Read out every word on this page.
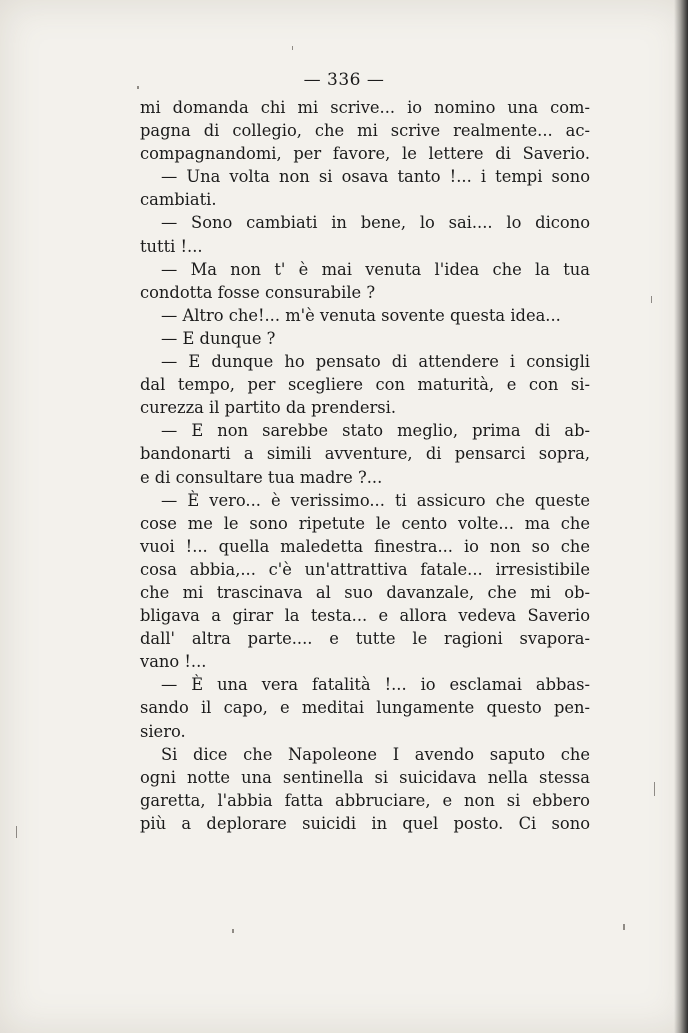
— 336 —
mi domanda chi mi scrive... io nomino una com-
pagna di collegio, che mi scrive realmente... ac-
compagnandomi, per favore, le lettere di Saverio.
— Una volta non si osava tanto !... i tempi sono
cambiati.
— Sono cambiati in bene, lo sai.... lo dicono
tutti !...
— Ma non t' è mai venuta l'idea che la tua
condotta fosse consurabile ?
— Altro che!... m'è venuta sovente questa idea...
— E dunque ?
— E dunque ho pensato di attendere i consigli
dal tempo, per scegliere con maturità, e con si-
curezza il partito da prendersi.
— E non sarebbe stato meglio, prima di ab-
bandonarti a simili avventure, di pensarci sopra,
e di consultare tua madre ?...
— È vero... è verissimo... ti assicuro che queste
cose me le sono ripetute le cento volte... ma che
vuoi !... quella maledetta finestra... io non so che
cosa abbia,... c'è un'attrattiva fatale... irresistibile
che mi trascinava al suo davanzale, che mi ob-
bligava a girar la testa... e allora vedeva Saverio
dall' altra parte.... e tutte le ragioni svapora-
vano !...
— È una vera fatalità !... io esclamai abbas-
sando il capo, e meditai lungamente questo pen-
siero.
Si dice che Napoleone I avendo saputo che
ogni notte una sentinella si suicidava nella stessa
garetta, l'abbia fatta abbruciare, e non si ebbero
più a deplorare suicidi in quel posto. Ci sono
